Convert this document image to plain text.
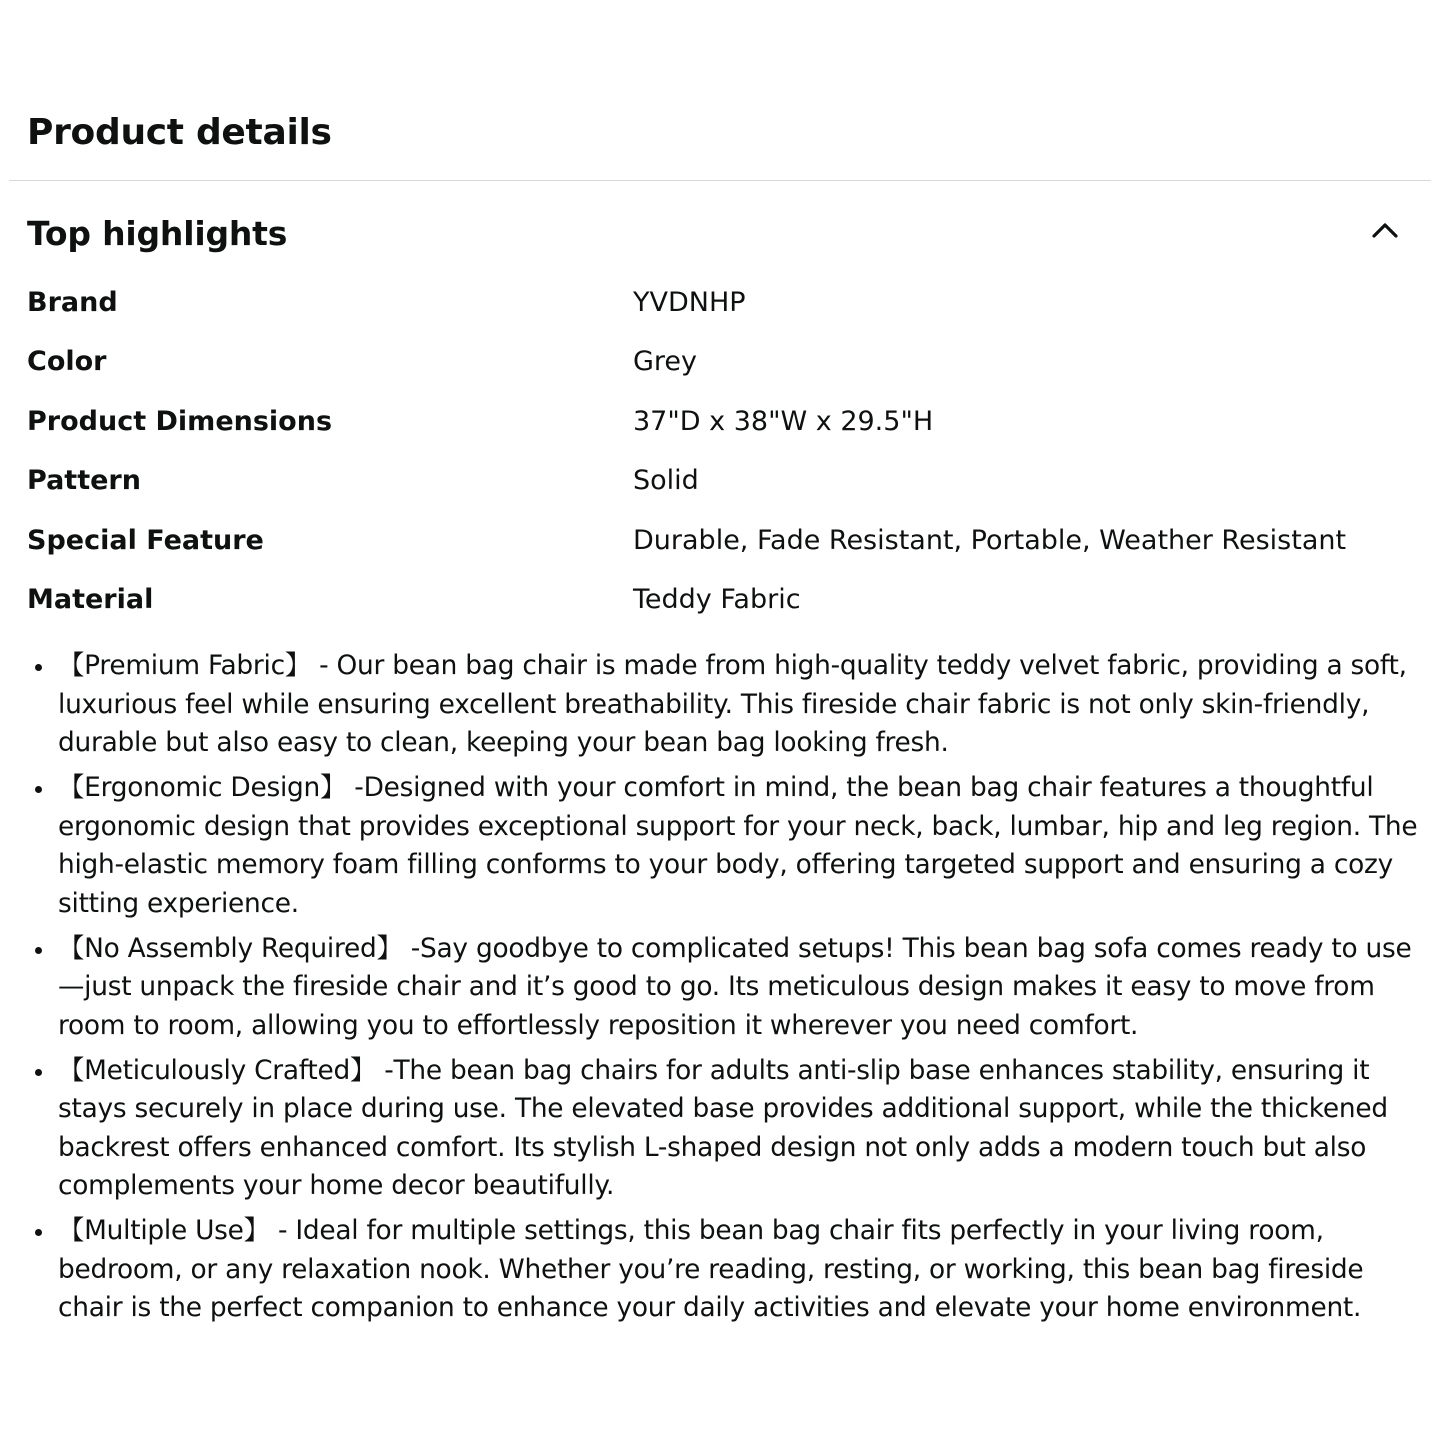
Product details
Top highlights
Brand	YVDNHP
Color	Grey
Product Dimensions	37"D x 38"W x 29.5"H
Pattern	Solid
Special Feature	Durable, Fade Resistant, Portable, Weather Resistant
Material	Teddy Fabric
【Premium Fabric】 - Our bean bag chair is made from high-quality teddy velvet fabric, providing a soft, luxurious feel while ensuring excellent breathability. This fireside chair fabric is not only skin-friendly, durable but also easy to clean, keeping your bean bag looking fresh.
【Ergonomic Design】 -Designed with your comfort in mind, the bean bag chair features a thoughtful ergonomic design that provides exceptional support for your neck, back, lumbar, hip and leg region. The high-elastic memory foam filling conforms to your body, offering targeted support and ensuring a cozy sitting experience.
【No Assembly Required】 -Say goodbye to complicated setups! This bean bag sofa comes ready to use—just unpack the fireside chair and it’s good to go. Its meticulous design makes it easy to move from room to room, allowing you to effortlessly reposition it wherever you need comfort.
【Meticulously Crafted】 -The bean bag chairs for adults anti-slip base enhances stability, ensuring it stays securely in place during use. The elevated base provides additional support, while the thickened backrest offers enhanced comfort. Its stylish L-shaped design not only adds a modern touch but also complements your home decor beautifully.
【Multiple Use】 - Ideal for multiple settings, this bean bag chair fits perfectly in your living room, bedroom, or any relaxation nook. Whether you’re reading, resting, or working, this bean bag fireside chair is the perfect companion to enhance your daily activities and elevate your home environment.
